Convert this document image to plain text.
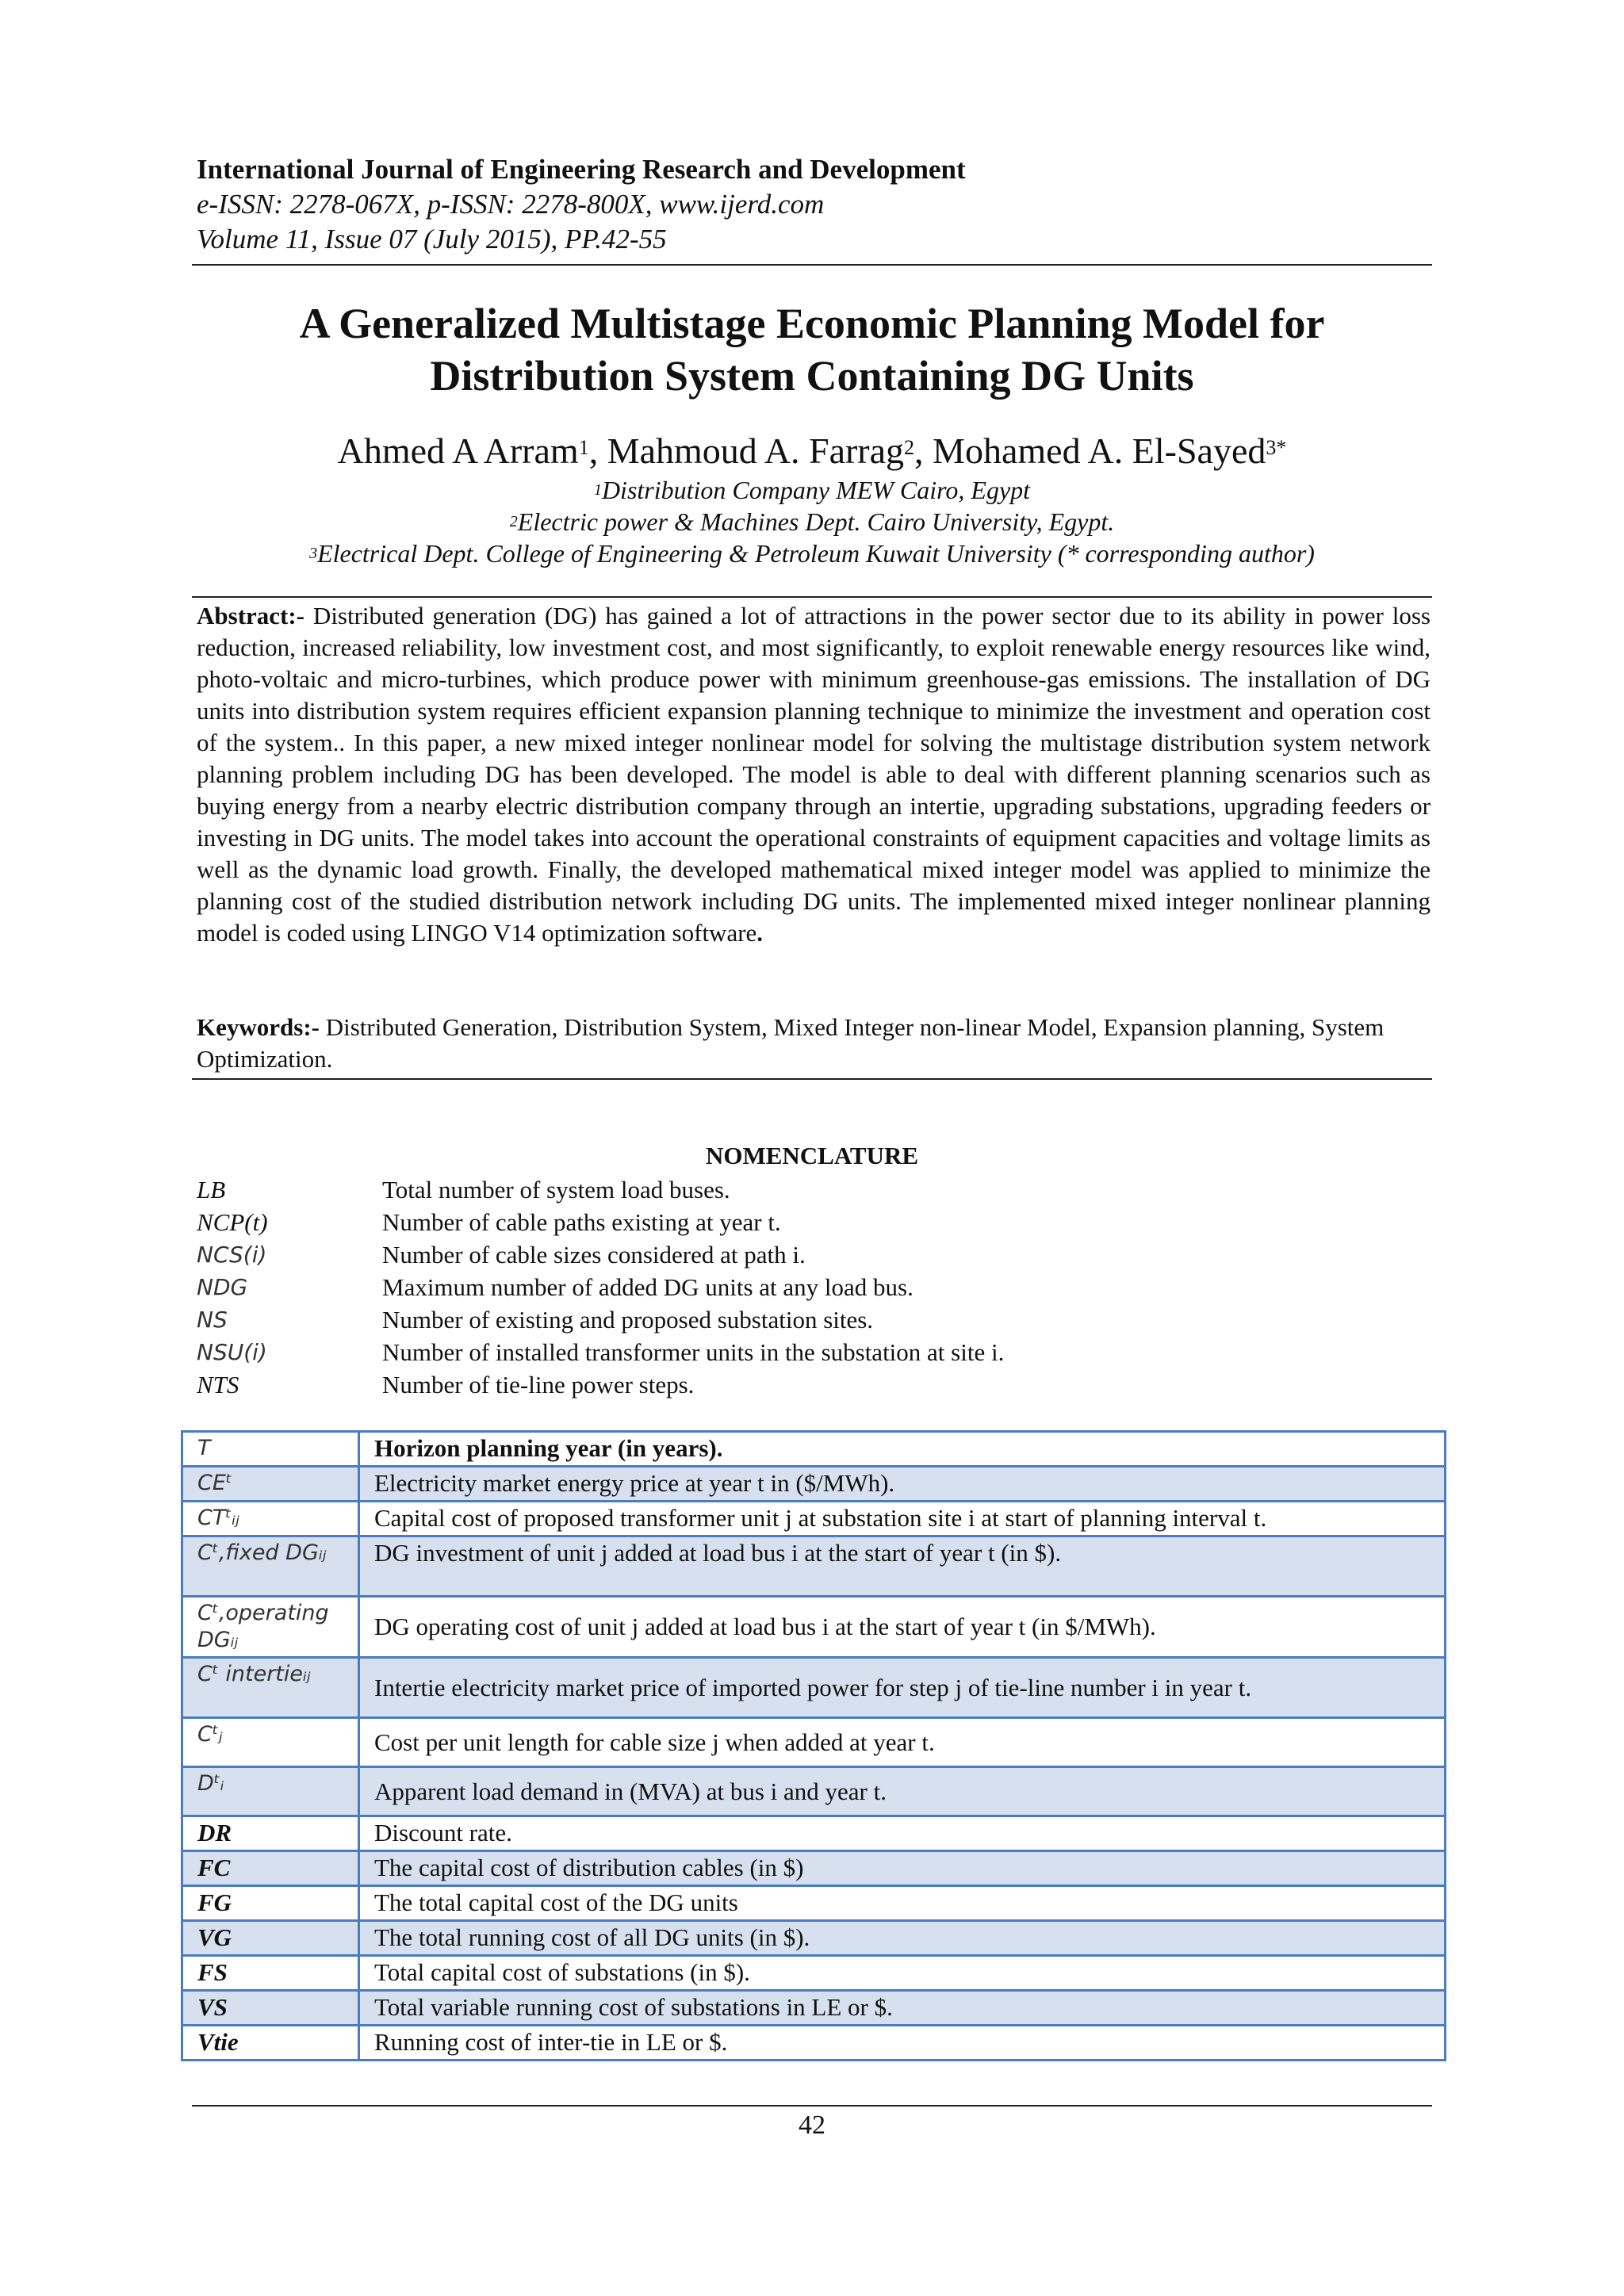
International Journal of Engineering Research and Development
e-ISSN: 2278-067X, p-ISSN: 2278-800X, www.ijerd.com
Volume 11, Issue 07 (July 2015), PP.42-55
A Generalized Multistage Economic Planning Model for
Distribution System Containing DG Units
Ahmed A Arram$^1$, Mahmoud A. Farrag$^2$, Mohamed A. El-Sayed$^{3*}$
$^1$Distribution Company MEW Cairo, Egypt
$^2$Electric power & Machines Dept. Cairo University, Egypt.
$^3$Electrical Dept. College of Engineering & Petroleum Kuwait University (* corresponding author)
Abstract:- Distributed generation (DG) has gained a lot of attractions in the power sector due to its ability in power loss reduction, increased reliability, low investment cost, and most significantly, to exploit renewable energy resources like wind, photo-voltaic and micro-turbines, which produce power with minimum greenhouse-gas emissions. The installation of DG units into distribution system requires efficient expansion planning technique to minimize the investment and operation cost of the system.. In this paper, a new mixed integer nonlinear model for solving the multistage distribution system network planning problem including DG has been developed. The model is able to deal with different planning scenarios such as buying energy from a nearby electric distribution company through an intertie, upgrading substations, upgrading feeders or investing in DG units. The model takes into account the operational constraints of equipment capacities and voltage limits as well as the dynamic load growth. Finally, the developed mathematical mixed integer model was applied to minimize the planning cost of the studied distribution network including DG units. The implemented mixed integer nonlinear planning model is coded using LINGO V14 optimization software.
Keywords:- Distributed Generation, Distribution System, Mixed Integer non-linear Model, Expansion planning, System Optimization.
NOMENCLATURE
LB	Total number of system load buses.
NCP(t)	Number of cable paths existing at year t.
NCS(i)	Number of cable sizes considered at path i.
NDG	Maximum number of added DG units at any load bus.
NS	Number of existing and proposed substation sites.
NSU(i)	Number of installed transformer units in the substation at site i.
NTS	Number of tie-line power steps.
T	Horizon planning year (in years).
CEᵗ	Electricity market energy price at year t in ($/MWh).
CTᵗᵢⱼ	Capital cost of proposed transformer unit j at substation site i at start of planning interval t.
Cᵗ,fixed DGᵢⱼ	DG investment of unit j added at load bus i at the start of year t (in $).
Cᵗ,operating DGᵢⱼ	DG operating cost of unit j added at load bus i at the start of year t (in $/MWh).
Cᵗ intertieᵢⱼ	Intertie electricity market price of imported power for step j of tie-line number i in year t.
Cᵗⱼ	Cost per unit length for cable size j when added at year t.
Dᵗᵢ	Apparent load demand in (MVA) at bus i and year t.
DR	Discount rate.
FC	The capital cost of distribution cables (in $)
FG	The total capital cost of the DG units
VG	The total running cost of all DG units (in $).
FS	Total capital cost of substations (in $).
VS	Total variable running cost of substations in LE or $.
Vtie	Running cost of inter-tie in LE or $.
42
